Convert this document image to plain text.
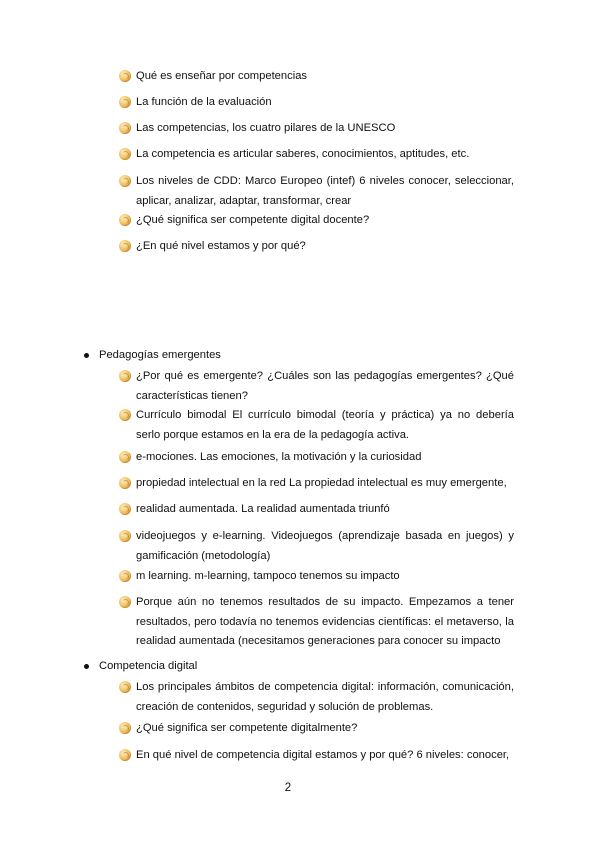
Qué es enseñar por competencias
La función de la evaluación
Las competencias, los cuatro pilares de la UNESCO
La competencia es articular saberes, conocimientos, aptitudes, etc.
Los niveles de CDD: Marco Europeo (intef) 6 niveles conocer, seleccionar, aplicar, analizar, adaptar, transformar, crear
¿Qué significa ser competente digital docente?
¿En qué nivel estamos y por qué?
Pedagogías emergentes
¿Por qué es emergente? ¿Cuáles son las pedagogías emergentes? ¿Qué características tienen?
Currículo bimodal El currículo bimodal (teoría y práctica) ya no debería serlo porque estamos en la era de la pedagogía activa.
e-mociones. Las emociones, la motivación y la curiosidad
propiedad intelectual en la red La propiedad intelectual es muy emergente,
realidad aumentada. La realidad aumentada triunfó
videojuegos y e-learning. Videojuegos (aprendizaje basada en juegos) y gamificación (metodología)
m learning. m-learning, tampoco tenemos su impacto
Porque aún no tenemos resultados de su impacto. Empezamos a tener resultados, pero todavía no tenemos evidencias científicas: el metaverso, la realidad aumentada (necesitamos generaciones para conocer su impacto
Competencia digital
Los principales ámbitos de competencia digital: información, comunicación, creación de contenidos, seguridad y solución de problemas.
¿Qué significa ser competente digitalmente?
En qué nivel de competencia digital estamos y por qué? 6 niveles: conocer,
2
